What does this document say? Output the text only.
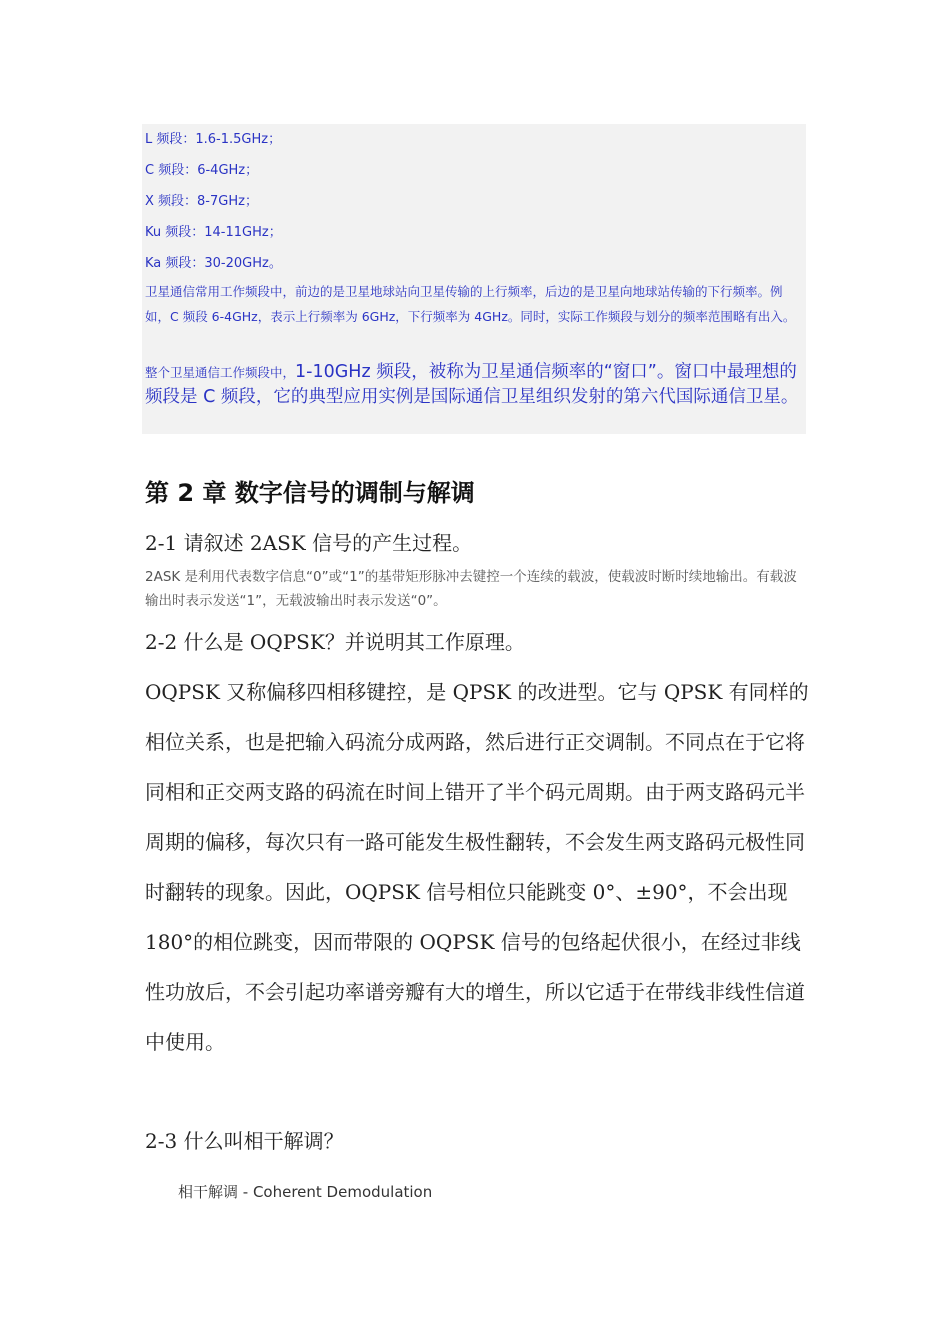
L 频段：1.6-1.5GHz；
C 频段：6-4GHz；
X 频段：8-7GHz；
Ku 频段：14-11GHz；
Ka 频段：30-20GHz。
卫星通信常用工作频段中，前边的是卫星地球站向卫星传输的上行频率，后边的是卫星向地球站传输的下行频率。例如，C 频段 6-4GHz，表示上行频率为 6GHz，下行频率为 4GHz。同时，实际工作频段与划分的频率范围略有出入。
整个卫星通信工作频段中，1-10GHz 频段，被称为卫星通信频率的“窗口”。窗口中最理想的频段是 C 频段，它的典型应用实例是国际通信卫星组织发射的第六代国际通信卫星。
第 2 章 数字信号的调制与解调
2-1 请叙述 2ASK 信号的产生过程。
2ASK 是利用代表数字信息“0”或“1”的基带矩形脉冲去键控一个连续的载波，使载波时断时续地输出。有载波输出时表示发送“1”，无载波输出时表示发送“0”。
2-2 什么是 OQPSK？并说明其工作原理。
OQPSK 又称偏移四相移键控，是 QPSK 的改进型。它与 QPSK 有同样的相位关系，也是把输入码流分成两路，然后进行正交调制。不同点在于它将同相和正交两支路的码流在时间上错开了半个码元周期。由于两支路码元半周期的偏移，每次只有一路可能发生极性翻转，不会发生两支路码元极性同时翻转的现象。因此，OQPSK 信号相位只能跳变 0°、±90°，不会出现 180°的相位跳变，因而带限的 OQPSK 信号的包络起伏很小，在经过非线性功放后，不会引起功率谱旁瓣有大的增生，所以它适于在带线非线性信道中使用。
2-3 什么叫相干解调？
相干解调 - Coherent Demodulation
